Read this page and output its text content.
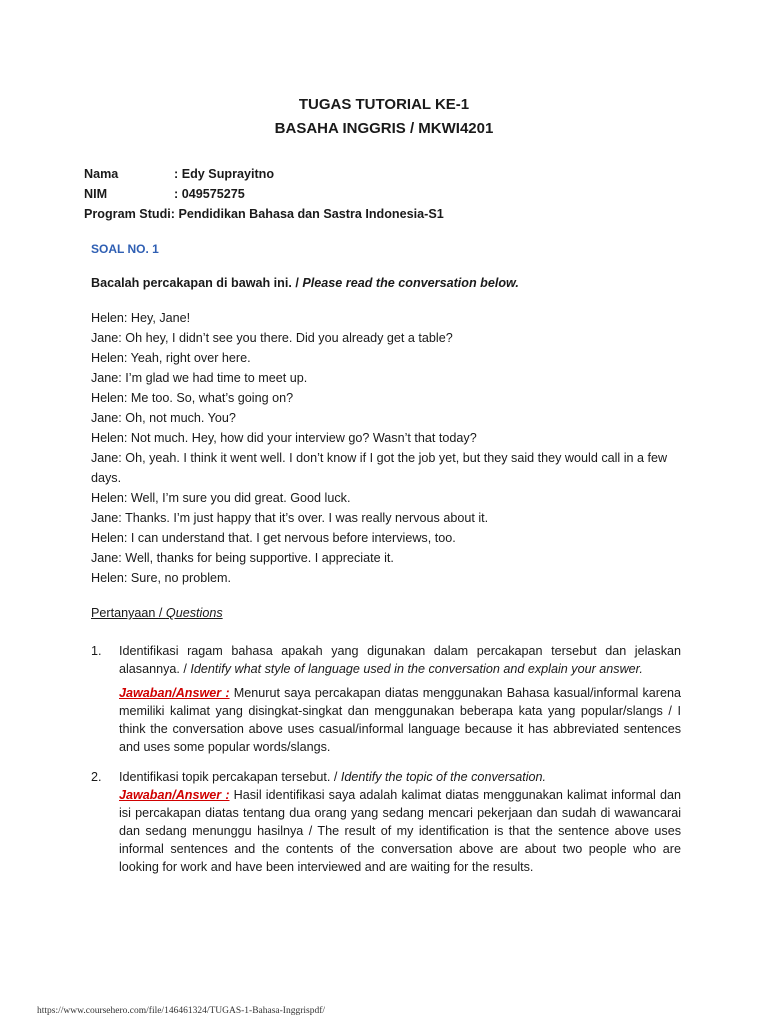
TUGAS TUTORIAL KE-1
BASAHA INGGRIS / MKWI4201
Nama	: Edy Suprayitno
NIM	: 049575275
Program Studi: Pendidikan Bahasa dan Sastra Indonesia-S1
SOAL NO. 1
Bacalah percakapan di bawah ini. / Please read the conversation below.
Helen: Hey, Jane!
Jane: Oh hey, I didn’t see you there. Did you already get a table?
Helen: Yeah, right over here.
Jane: I’m glad we had time to meet up.
Helen: Me too. So, what’s going on?
Jane: Oh, not much. You?
Helen: Not much. Hey, how did your interview go? Wasn’t that today?
Jane: Oh, yeah. I think it went well. I don’t know if I got the job yet, but they said they would call in a few days.
Helen: Well, I’m sure you did great. Good luck.
Jane: Thanks. I’m just happy that it’s over. I was really nervous about it.
Helen: I can understand that. I get nervous before interviews, too.
Jane: Well, thanks for being supportive. I appreciate it.
Helen: Sure, no problem.
Pertanyaan / Questions
1.	Identifikasi ragam bahasa apakah yang digunakan dalam percakapan tersebut dan jelaskan alasannya. / Identify what style of language used in the conversation and explain your answer.
Jawaban/Answer : Menurut saya percakapan diatas menggunakan Bahasa kasual/informal karena memiliki kalimat yang disingkat-singkat dan menggunakan beberapa kata yang popular/slangs / I think the conversation above uses casual/informal language because it has abbreviated sentences and uses some popular words/slangs.
2.	Identifikasi topik percakapan tersebut. / Identify the topic of the conversation.
Jawaban/Answer : Hasil identifikasi saya adalah kalimat diatas menggunakan kalimat informal dan isi percakapan diatas tentang dua orang yang sedang mencari pekerjaan dan sudah di wawancarai dan sedang menunggu hasilnya / The result of my identification is that the sentence above uses informal sentences and the contents of the conversation above are about two people who are looking for work and have been interviewed and are waiting for the results.
https://www.coursehero.com/file/146461324/TUGAS-1-Bahasa-Inggrispdf/
